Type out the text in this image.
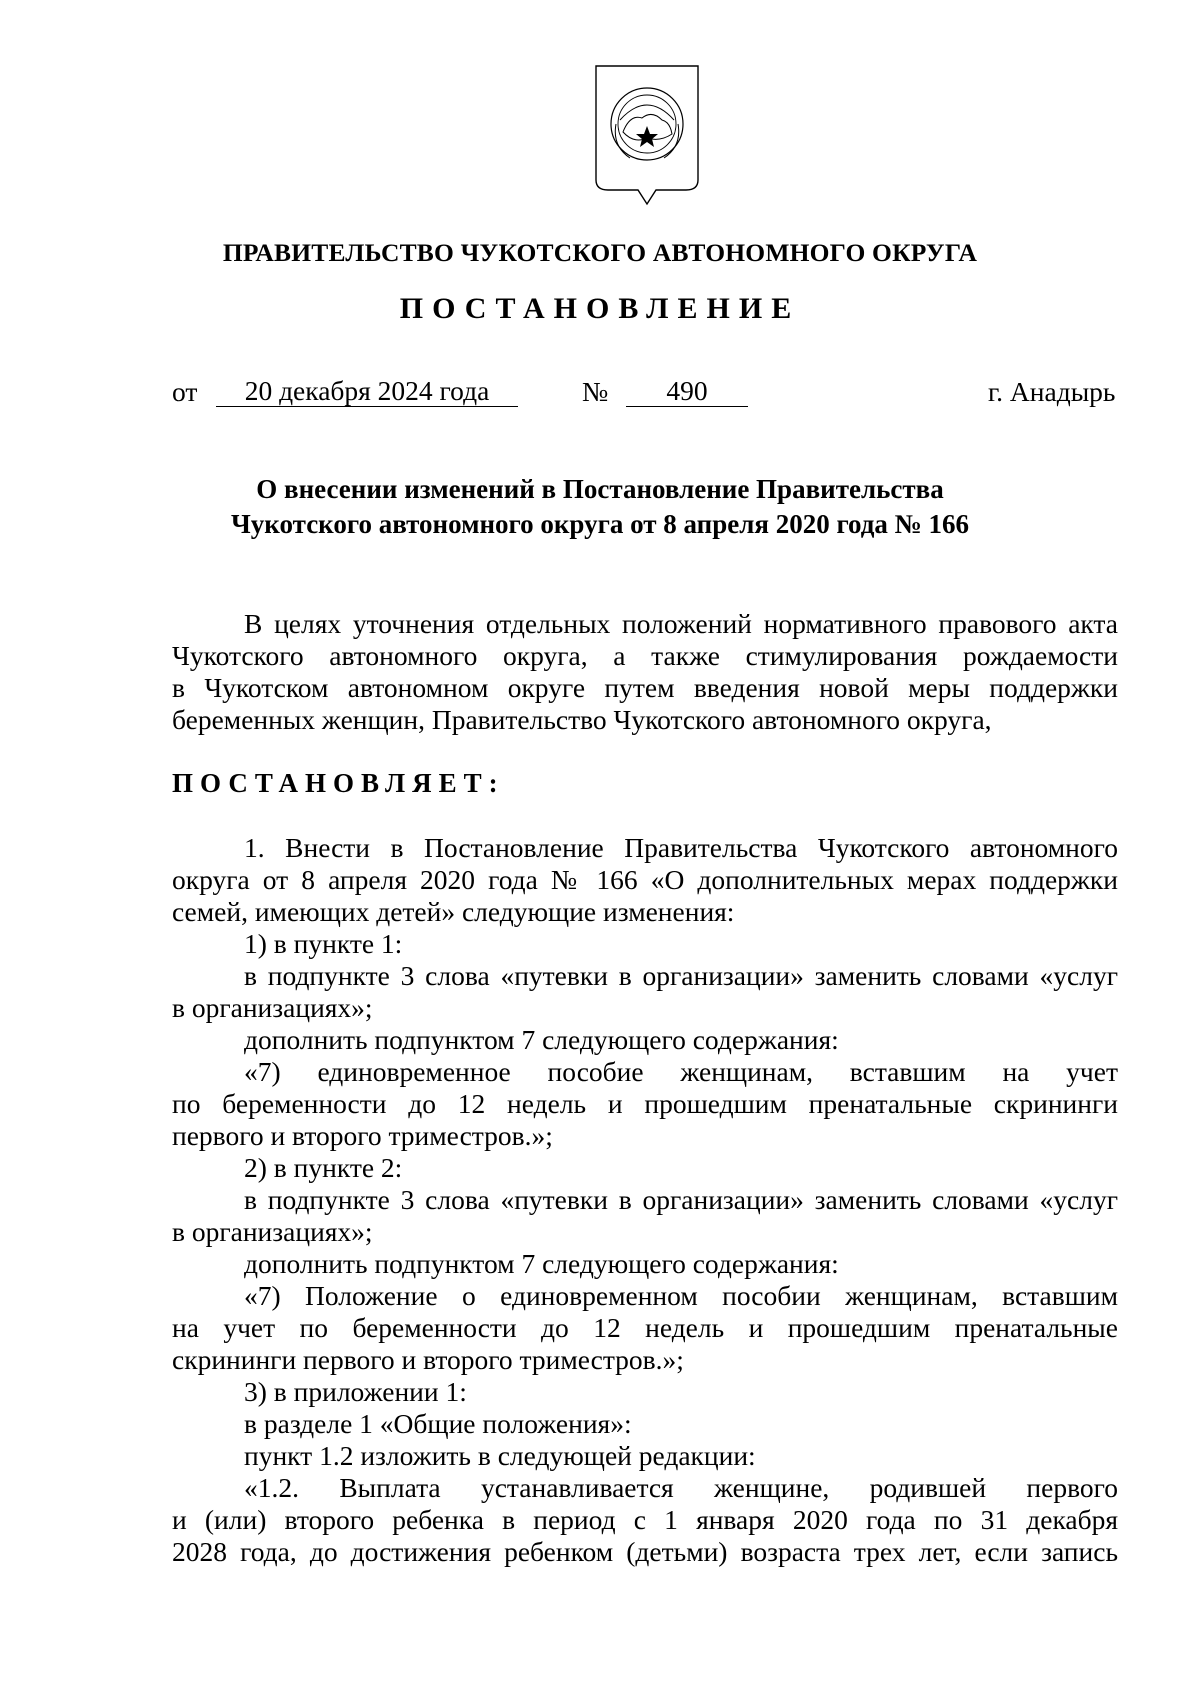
ПРАВИТЕЛЬСТВО ЧУКОТСКОГО АВТОНОМНОГО ОКРУГА
ПОСТАНОВЛЕНИЕ
от	20 декабря 2024 года	№	490	г. Анадырь
О внесении изменений в Постановление Правительства
Чукотского автономного округа от 8 апреля 2020 года № 166
В целях уточнения отдельных положений нормативного правового акта
Чукотского автономного округа, а также стимулирования рождаемости
в Чукотском автономном округе путем введения новой меры поддержки
беременных женщин, Правительство Чукотского автономного округа,
ПОСТАНОВЛЯЕТ:
1. Внести в Постановление Правительства Чукотского автономного
округа от 8 апреля 2020 года № 166 «О дополнительных мерах поддержки
семей, имеющих детей» следующие изменения:
1) в пункте 1:
в подпункте 3 слова «путевки в организации» заменить словами «услуг
в организациях»;
дополнить подпунктом 7 следующего содержания:
«7) единовременное пособие женщинам, вставшим на учет
по беременности до 12 недель и прошедшим пренатальные скрининги
первого и второго триместров.»;
2) в пункте 2:
в подпункте 3 слова «путевки в организации» заменить словами «услуг
в организациях»;
дополнить подпунктом 7 следующего содержания:
«7) Положение о единовременном пособии женщинам, вставшим
на учет по беременности до 12 недель и прошедшим пренатальные
скрининги первого и второго триместров.»;
3) в приложении 1:
в разделе 1 «Общие положения»:
пункт 1.2 изложить в следующей редакции:
«1.2. Выплата устанавливается женщине, родившей первого
и (или) второго ребенка в период с 1 января 2020 года по 31 декабря
2028 года, до достижения ребенком (детьми) возраста трех лет, если запись
